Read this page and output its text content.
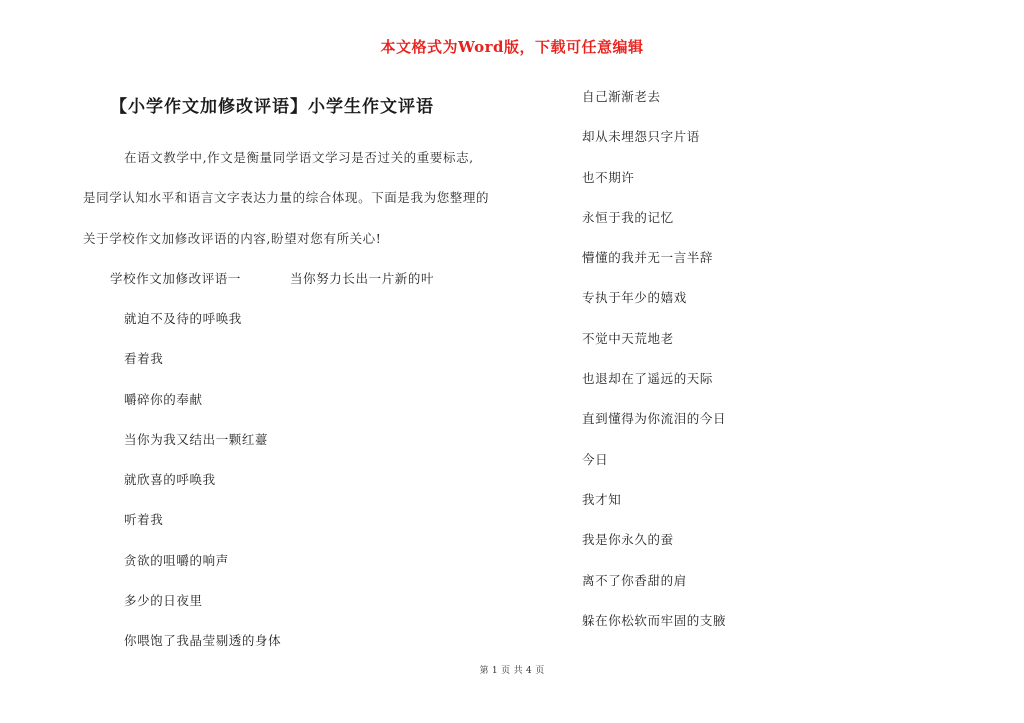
本文格式为Word版，下载可任意编辑
【小学作文加修改评语】小学生作文评语
在语文教学中,作文是衡量同学语文学习是否过关的重要标志,
是同学认知水平和语言文字表达力量的综合体现。下面是我为您整理的
关于学校作文加修改评语的内容,盼望对您有所关心!
学校作文加修改评语一	当你努力长出一片新的叶
就迫不及待的呼唤我
看着我
嚼碎你的奉献
当你为我又结出一颗红薹
就欣喜的呼唤我
听着我
贪欲的咀嚼的响声
多少的日夜里
你喂饱了我晶莹剔透的身体
自己渐渐老去
却从未埋怨只字片语
也不期许
永恒于我的记忆
懵懂的我并无一言半辞
专执于年少的嬉戏
不觉中天荒地老
也退却在了遥远的天际
直到懂得为你流泪的今日
今日
我才知
我是你永久的蚕
离不了你香甜的肩
躲在你松软而牢固的支腋
第 1 页 共 4 页
